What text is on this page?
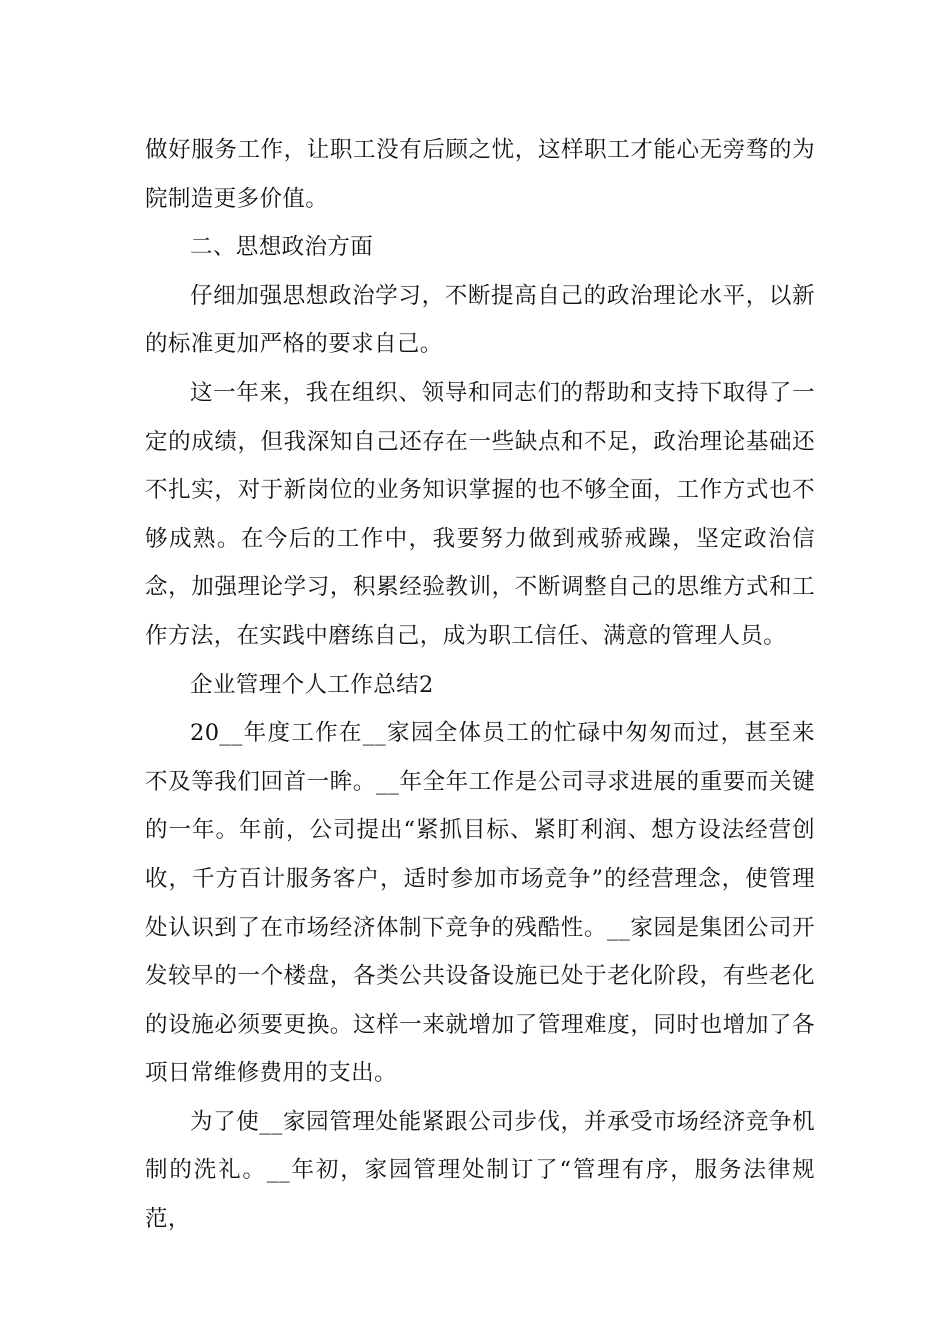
做好服务工作，让职工没有后顾之忧，这样职工才能心无旁骛的为院制造更多价值。

二、思想政治方面

仔细加强思想政治学习，不断提高自己的政治理论水平，以新的标准更加严格的要求自己。

这一年来，我在组织、领导和同志们的帮助和支持下取得了一定的成绩，但我深知自己还存在一些缺点和不足，政治理论基础还不扎实，对于新岗位的业务知识掌握的也不够全面，工作方式也不够成熟。在今后的工作中，我要努力做到戒骄戒躁，坚定政治信念，加强理论学习，积累经验教训，不断调整自己的思维方式和工作方法，在实践中磨练自己，成为职工信任、满意的管理人员。

企业管理个人工作总结2

20__年度工作在__家园全体员工的忙碌中匆匆而过，甚至来不及等我们回首一眸。__年全年工作是公司寻求进展的重要而关键的一年。年前，公司提出“紧抓目标、紧盯利润、想方设法经营创收，千方百计服务客户，适时参加市场竞争”的经营理念，使管理处认识到了在市场经济体制下竞争的残酷性。__家园是集团公司开发较早的一个楼盘，各类公共设备设施已处于老化阶段，有些老化的设施必须要更换。这样一来就增加了管理难度，同时也增加了各项日常维修费用的支出。

为了使__家园管理处能紧跟公司步伐，并承受市场经济竞争机制的洗礼。__年初，家园管理处制订了“管理有序，服务法律规范，
